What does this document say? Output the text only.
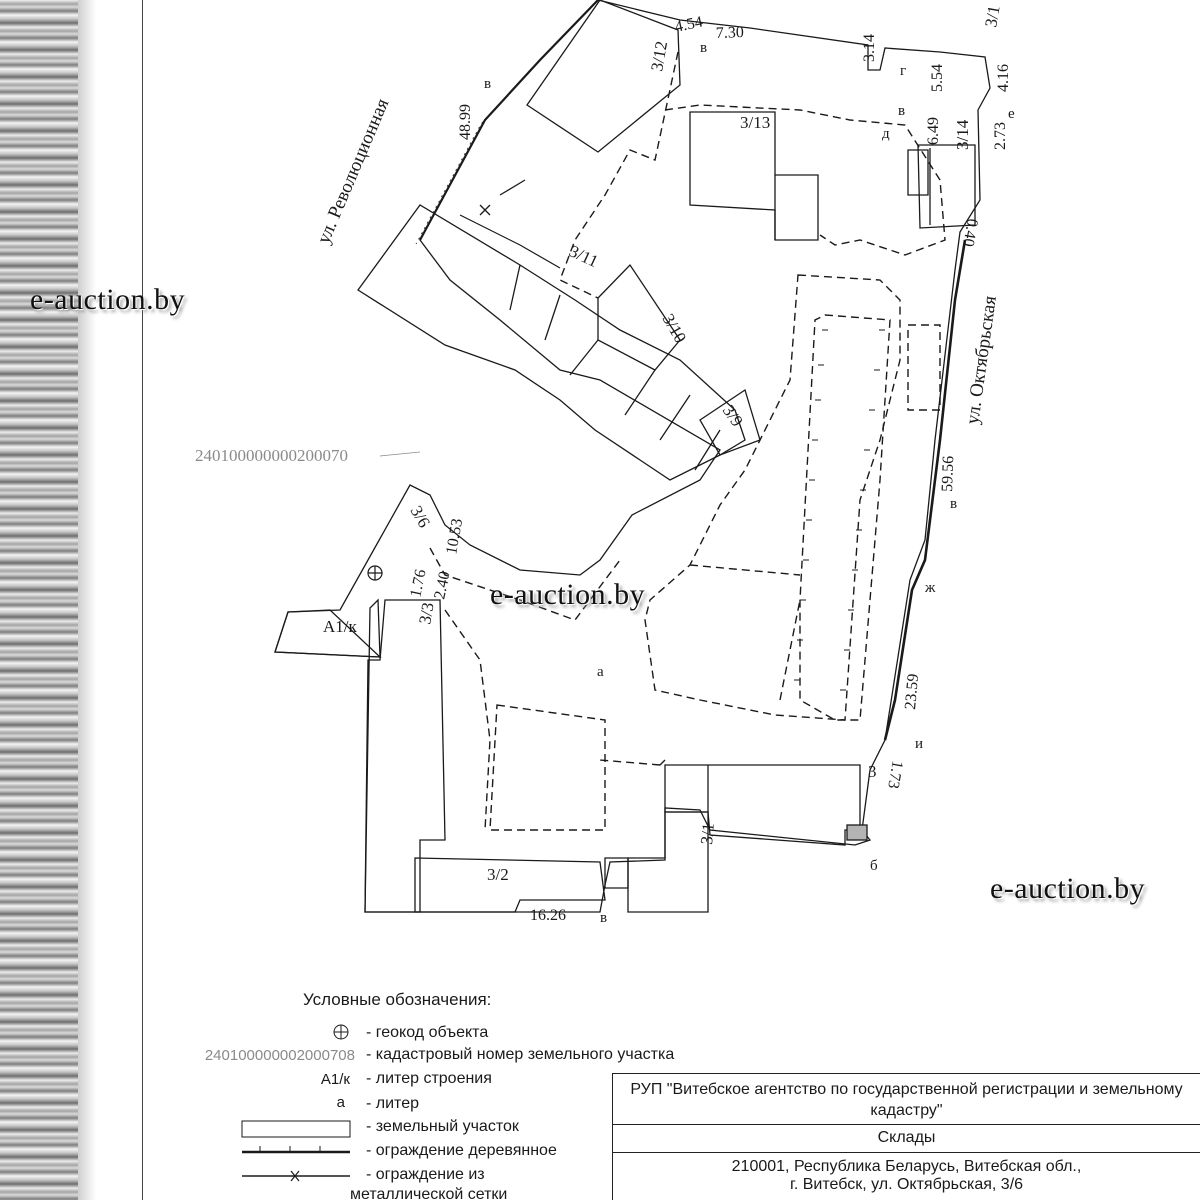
ул. Революционная
ул. Октябрьская
4.54 7.30
3.14
5.54	4.16
6.49	2.73
48.99
59.56
23.59
1.73
0.40
16.26
10.53
1.76 2.40
3/12
3/13	3/14
3/1
3/11
3/10
3/9
3/6
3/3
3/2
3/1
3
A1/к
в
в
в
в
в
г
д
е
ж
и
б
а
240100000000200070
e-auction.by
e-auction.by
e-auction.by
Условные обозначения:
- геокод объекта
240100000002000708 - кадастровый номер земельного участка
A1/к - литер строения
а - литер
- земельный участок
- ограждение деревянное
- ограждение из
металлической сетки
РУП "Витебское агентство по государственной регистрации и земельному кадастру"
Склады
210001, Республика Беларусь, Витебская обл.,
г. Витебск, ул. Октябрьская, 3/6
